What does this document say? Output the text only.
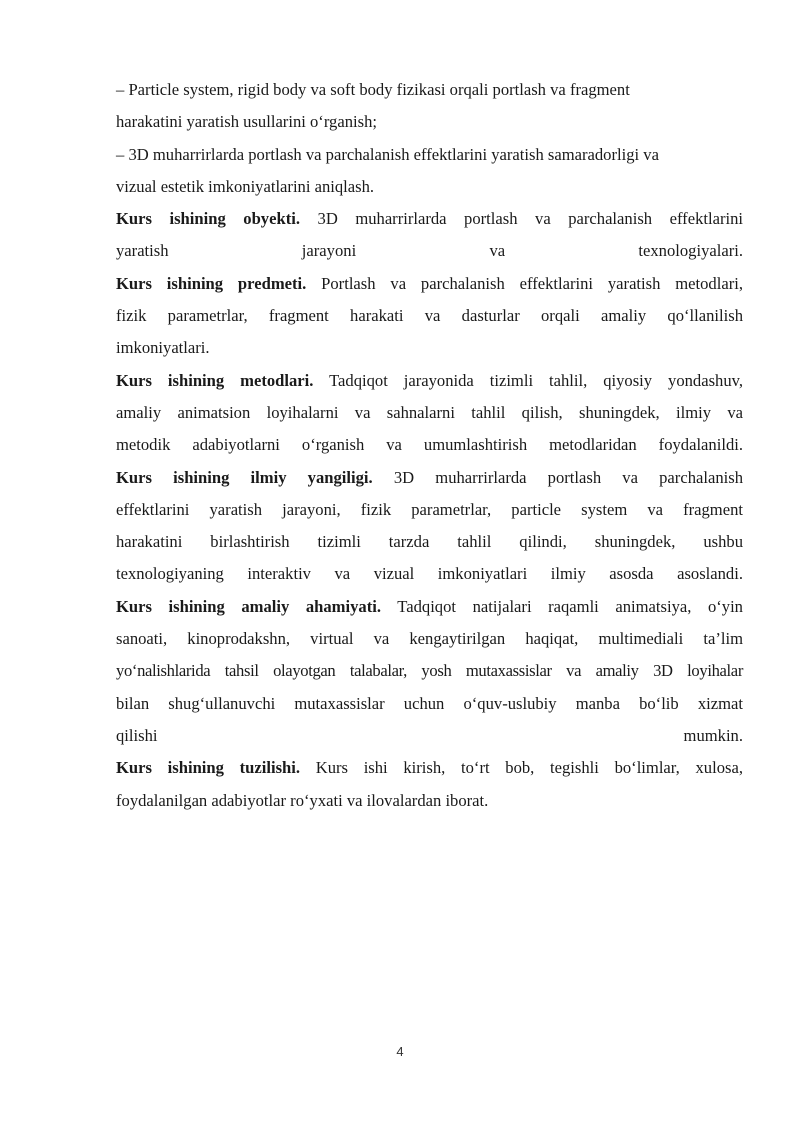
– Particle system, rigid body va soft body fizikasi orqali portlash va fragment
harakatini yaratish usullarini o‘rganish;
– 3D muharrirlarda portlash va parchalanish effektlarini yaratish samaradorligi va
vizual estetik imkoniyatlarini aniqlash.
Kurs ishining obyekti. 3D muharrirlarda portlash va parchalanish effektlarini
yaratish jarayoni va texnologiyalari.
Kurs ishining predmeti. Portlash va parchalanish effektlarini yaratish metodlari,
fizik parametrlar, fragment harakati va dasturlar orqali amaliy qo‘llanilish
imkoniyatlari.
Kurs ishining metodlari. Tadqiqot jarayonida tizimli tahlil, qiyosiy yondashuv,
amaliy animatsion loyihalarni va sahnalarni tahlil qilish, shuningdek, ilmiy va
metodik adabiyotlarni o‘rganish va umumlashtirish metodlaridan foydalanildi.
Kurs ishining ilmiy yangiligi. 3D muharrirlarda portlash va parchalanish
effektlarini yaratish jarayoni, fizik parametrlar, particle system va fragment
harakatini birlashtirish tizimli tarzda tahlil qilindi, shuningdek, ushbu
texnologiyaning interaktiv va vizual imkoniyatlari ilmiy asosda asoslandi.
Kurs ishining amaliy ahamiyati. Tadqiqot natijalari raqamli animatsiya, o‘yin
sanoati, kinoprodakshn, virtual va kengaytirilgan haqiqat, multimediali ta’lim
yo‘nalishlarida tahsil olayotgan talabalar, yosh mutaxassislar va amaliy 3D loyihalar
bilan shug‘ullanuvchi mutaxassislar uchun o‘quv-uslubiy manba bo‘lib xizmat
qilishi mumkin.
Kurs ishining tuzilishi. Kurs ishi kirish, to‘rt bob, tegishli bo‘limlar, xulosa,
foydalanilgan adabiyotlar ro‘yxati va ilovalardan iborat.
4
